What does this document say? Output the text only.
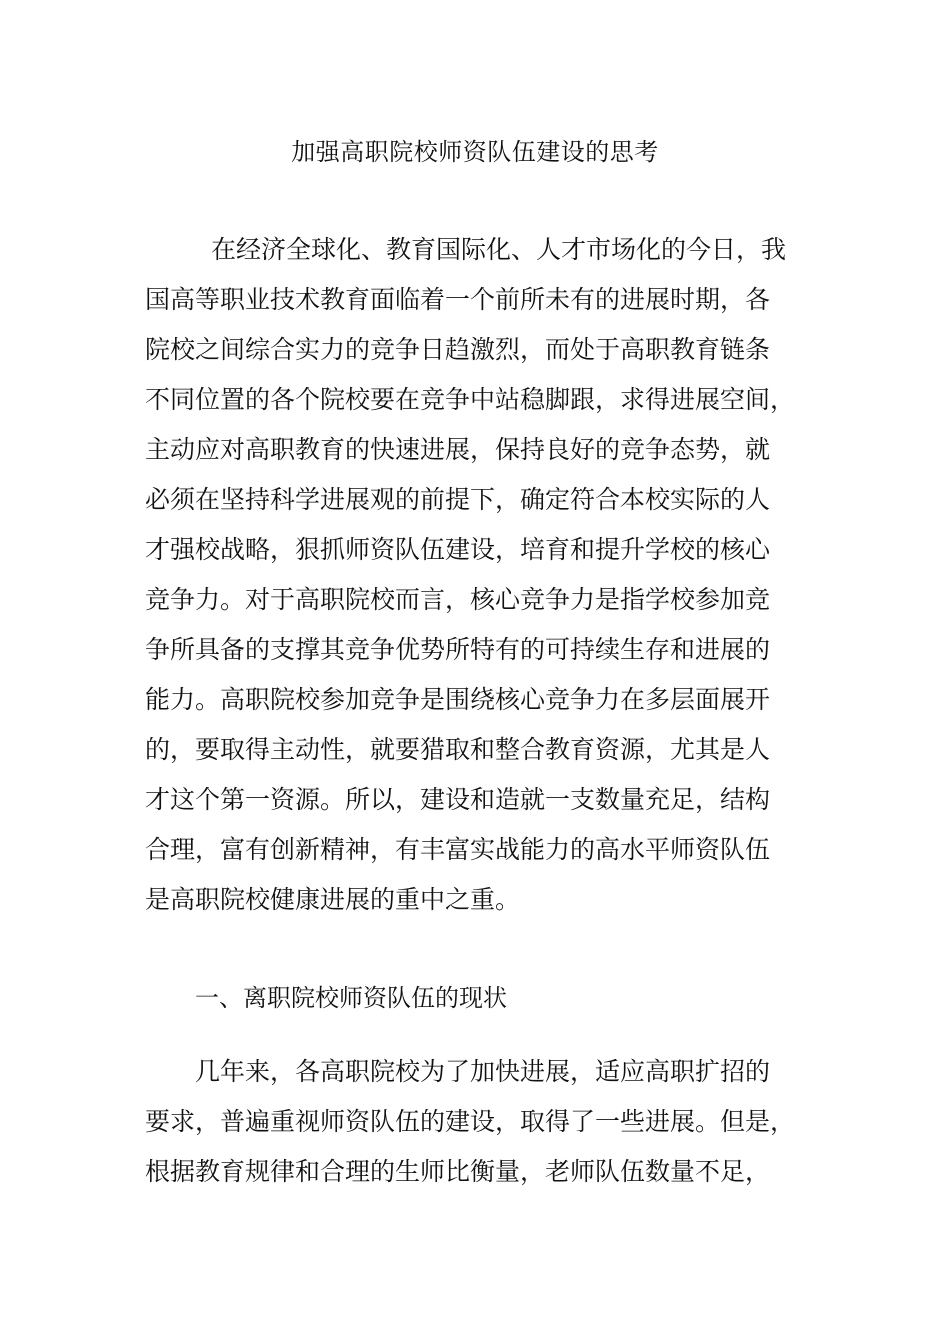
加强高职院校师资队伍建设的思考
在经济全球化、教育国际化、人才市场化的今日，我
国高等职业技术教育面临着一个前所未有的进展时期，各
院校之间综合实力的竞争日趋激烈，而处于高职教育链条
不同位置的各个院校要在竞争中站稳脚跟，求得进展空间，
主动应对高职教育的快速进展，保持良好的竞争态势，就
必须在坚持科学进展观的前提下，确定符合本校实际的人
才强校战略，狠抓师资队伍建设，培育和提升学校的核心
竞争力。对于高职院校而言，核心竞争力是指学校参加竞
争所具备的支撑其竞争优势所特有的可持续生存和进展的
能力。高职院校参加竞争是围绕核心竞争力在多层面展开
的，要取得主动性，就要猎取和整合教育资源，尤其是人
才这个第一资源。所以，建设和造就一支数量充足，结构
合理，富有创新精神，有丰富实战能力的高水平师资队伍
是高职院校健康进展的重中之重。
一、离职院校师资队伍的现状
几年来，各高职院校为了加快进展，适应高职扩招的
要求，普遍重视师资队伍的建设，取得了一些进展。但是，
根据教育规律和合理的生师比衡量，老师队伍数量不足，
